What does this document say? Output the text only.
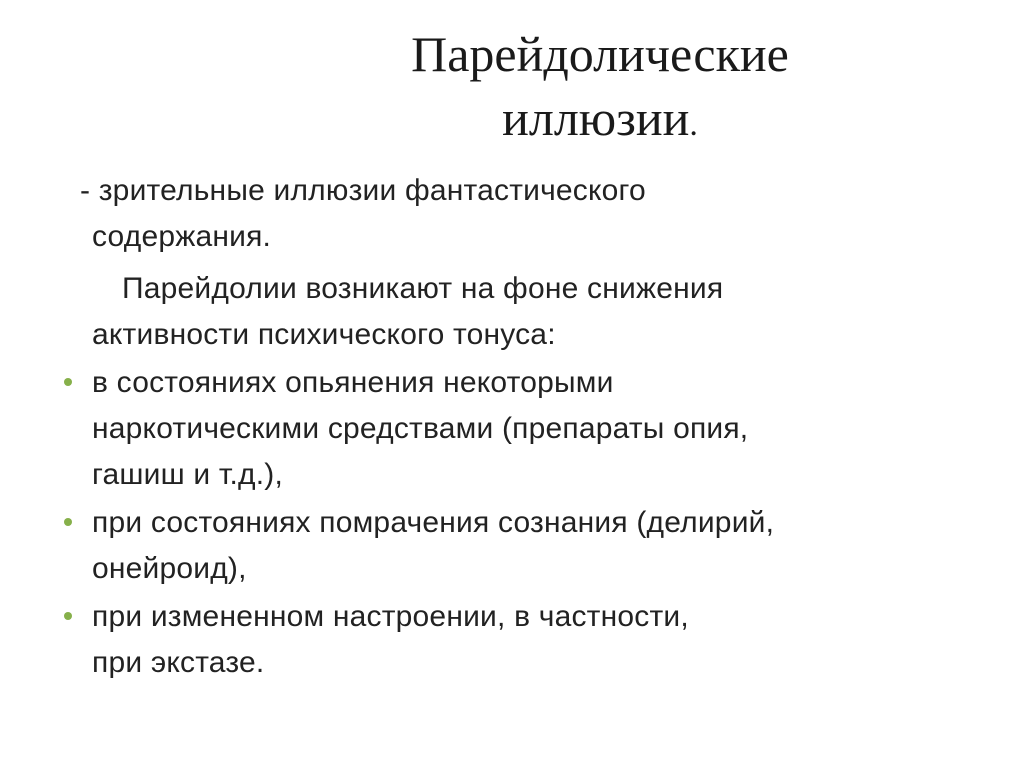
Парейдолические
иллюзии.
- зрительные иллюзии фантастического
содержания.
Парейдолии возникают на фоне снижения
активности психического тонуса:
в состояниях опьянения некоторыми
наркотическими средствами (препараты опия,
гашиш и т.д.),
при состояниях помрачения сознания (делирий,
онейроид),
при измененном настроении, в частности,
при экстазе.
